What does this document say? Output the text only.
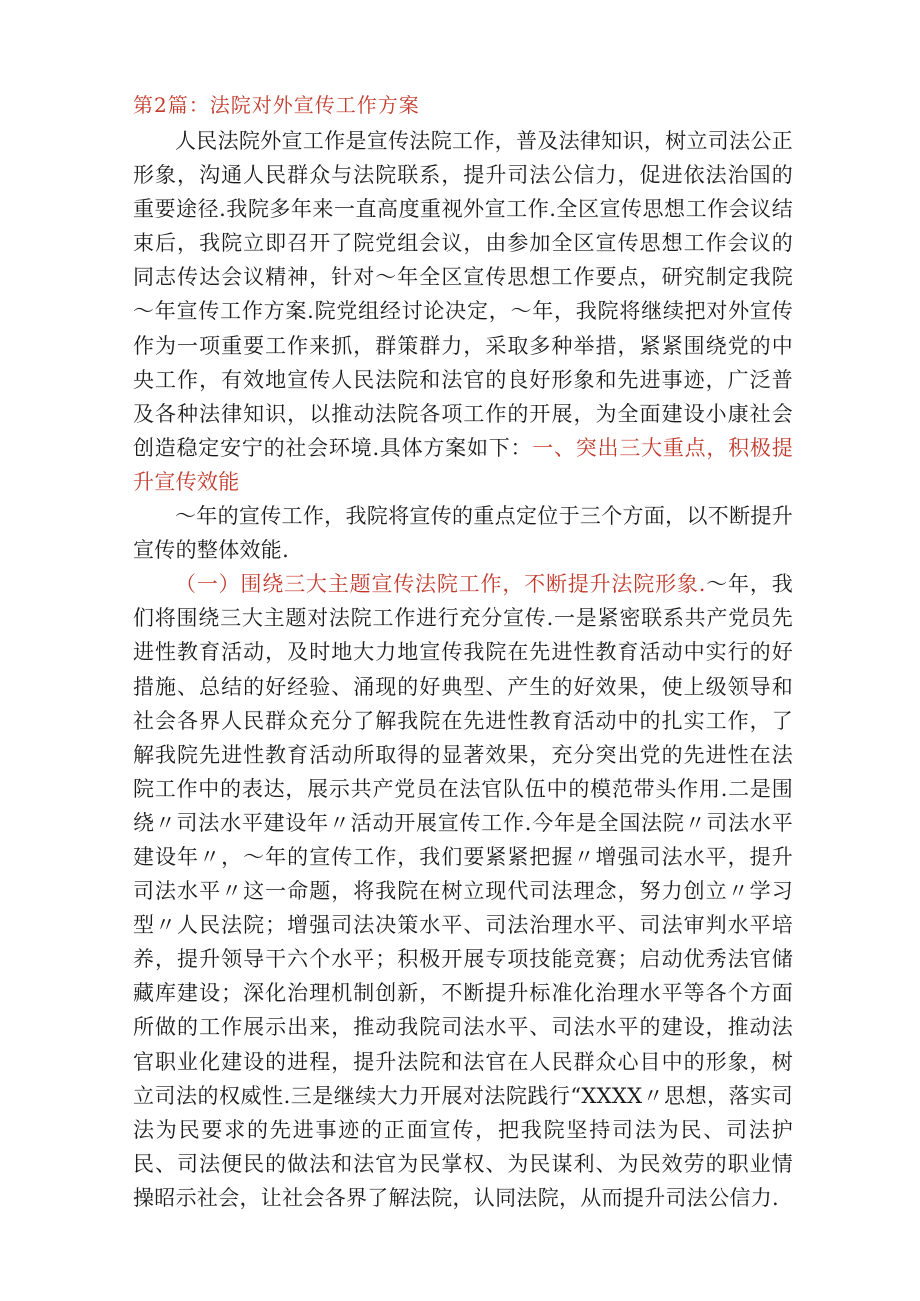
第2篇：法院对外宣传工作方案

人民法院外宣工作是宣传法院工作，普及法律知识，树立司法公正形象，沟通人民群众与法院联系，提升司法公信力，促进依法治国的重要途径.我院多年来一直高度重视外宣工作.全区宣传思想工作会议结束后，我院立即召开了院党组会议，由参加全区宣传思想工作会议的同志传达会议精神，针对～年全区宣传思想工作要点，研究制定我院～年宣传工作方案.院党组经讨论决定，～年，我院将继续把对外宣传作为一项重要工作来抓，群策群力，采取多种举措，紧紧围绕党的中央工作，有效地宣传人民法院和法官的良好形象和先进事迹，广泛普及各种法律知识，以推动法院各项工作的开展，为全面建设小康社会创造稳定安宁的社会环境.具体方案如下：一、突出三大重点，积极提升宣传效能

～年的宣传工作，我院将宣传的重点定位于三个方面，以不断提升宣传的整体效能.

（一）围绕三大主题宣传法院工作，不断提升法院形象.～年，我们将围绕三大主题对法院工作进行充分宣传.一是紧密联系共产党员先进性教育活动，及时地大力地宣传我院在先进性教育活动中实行的好措施、总结的好经验、涌现的好典型、产生的好效果，使上级领导和社会各界人民群众充分了解我院在先进性教育活动中的扎实工作，了解我院先进性教育活动所取得的显著效果，充分突出党的先进性在法院工作中的表达，展示共产党员在法官队伍中的模范带头作用.二是围绕〃司法水平建设年〃活动开展宣传工作.今年是全国法院〃司法水平建设年〃，～年的宣传工作，我们要紧紧把握〃增强司法水平，提升司法水平〃这一命题，将我院在树立现代司法理念，努力创立〃学习型〃人民法院；增强司法决策水平、司法治理水平、司法审判水平培养，提升领导干六个水平；积极开展专项技能竞赛；启动优秀法官储藏库建设；深化治理机制创新，不断提升标准化治理水平等各个方面所做的工作展示出来，推动我院司法水平、司法水平的建设，推动法官职业化建设的进程，提升法院和法官在人民群众心目中的形象，树立司法的权威性.三是继续大力开展对法院践行“XXXX〃思想，落实司法为民要求的先进事迹的正面宣传，把我院坚持司法为民、司法护民、司法便民的做法和法官为民掌权、为民谋利、为民效劳的职业情操昭示社会，让社会各界了解法院，认同法院，从而提升司法公信力.
